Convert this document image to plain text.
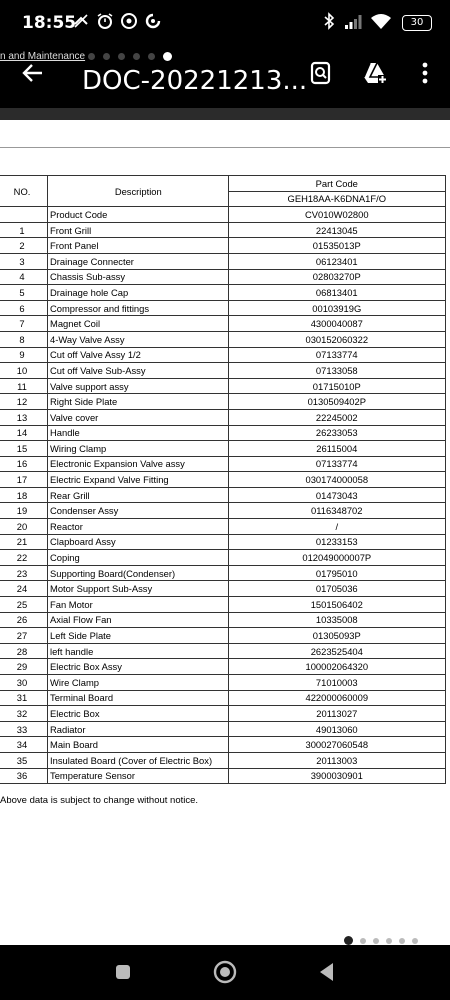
18:55	30
n and Maintenance
DOC-20221213...
NO.	Description	Part Code
		GEH18AA-K6DNA1F/O
	Product Code	CV010W02800
1	Front Grill	22413045
2	Front Panel	01535013P
3	Drainage Connecter	06123401
4	Chassis Sub-assy	02803270P
5	Drainage hole Cap	06813401
6	Compressor and fittings	00103919G
7	Magnet Coil	4300040087
8	4-Way Valve Assy	030152060322
9	Cut off Valve Assy 1/2	07133774
10	Cut off Valve Sub-Assy	07133058
11	Valve support assy	01715010P
12	Right Side Plate	0130509402P
13	Valve cover	22245002
14	Handle	26233053
15	Wiring Clamp	26115004
16	Electronic Expansion Valve assy	07133774
17	Electric Expand Valve Fitting	030174000058
18	Rear Grill	01473043
19	Condenser Assy	0116348702
20	Reactor	/
21	Clapboard Assy	01233153
22	Coping	012049000007P
23	Supporting Board(Condenser)	01795010
24	Motor Support Sub-Assy	01705036
25	Fan Motor	1501506402
26	Axial Flow Fan	10335008
27	Left Side Plate	01305093P
28	left handle	2623525404
29	Electric Box Assy	100002064320
30	Wire Clamp	71010003
31	Terminal Board	422000060009
32	Electric Box	20113027
33	Radiator	49013060
34	Main Board	300027060548
35	Insulated Board (Cover of Electric Box)	20113003
36	Temperature Sensor	3900030901
Above data is subject to change without notice.
